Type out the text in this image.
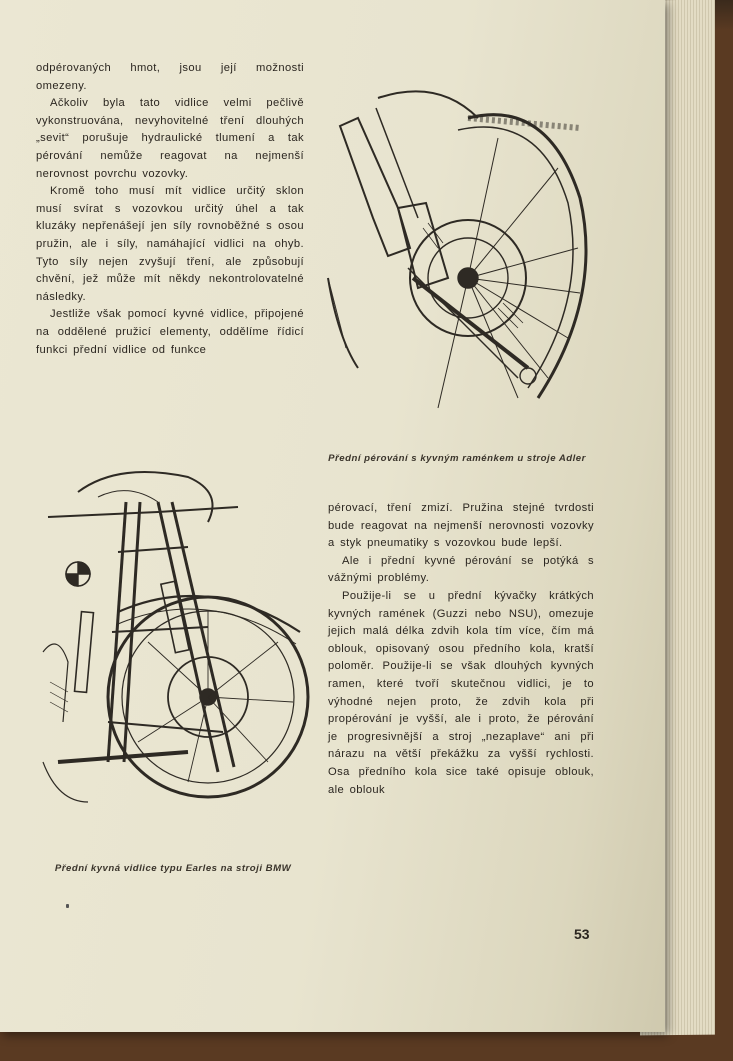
odpérovaných hmot, jsou její možnosti omezeny.

Ačkoliv byla tato vidlice velmi pečlivě vykonstruována, nevyhovitelné tření dlouhých „sevit“ porušuje hydraulické tlumení a tak pérování nemůže reagovat na nejmenší nerovnost povrchu vozovky.

Kromě toho musí mít vidlice určitý sklon musí svírat s vozovkou určitý úhel a tak kluzáky nepřenášejí jen síly rovnoběžné s osou pružin, ale i síly, namáhající vidlici na ohyb. Tyto síly nejen zvyšují tření, ale způsobují chvění, jež může mít někdy nekontrolovatelné následky.

Jestliže však pomocí kyvné vidlice, připojené na oddělené pružicí elementy, oddělíme řídicí funkci přední vidlice od funkce

Přední pérování s kyvným raménkem u stroje Adler
Přední kyvná vidlice typu Earles na stroji BMW

pérovací, tření zmizí. Pružina stejné tvrdosti bude reagovat na nejmenší nerovnosti vozovky a styk pneumatiky s vozovkou bude lepší.

Ale i přední kyvné pérování se potýká s vážnými problémy.

Použije-li se u přední kývačky krátkých kyvných ramének (Guzzi nebo NSU), omezuje jejich malá délka zdvih kola tím více, čím má oblouk, opisovaný osou předního kola, kratší poloměr. Použije-li se však dlouhých kyvných ramen, které tvoří skutečnou vidlici, je to výhodné nejen proto, že zdvih kola při propérování je vyšší, ale i proto, že pérování je progresivnější a stroj „nezaplave“ ani při nárazu na větší překážku za vyšší rychlosti. Osa předního kola sice také opisuje oblouk, ale oblouk

53
